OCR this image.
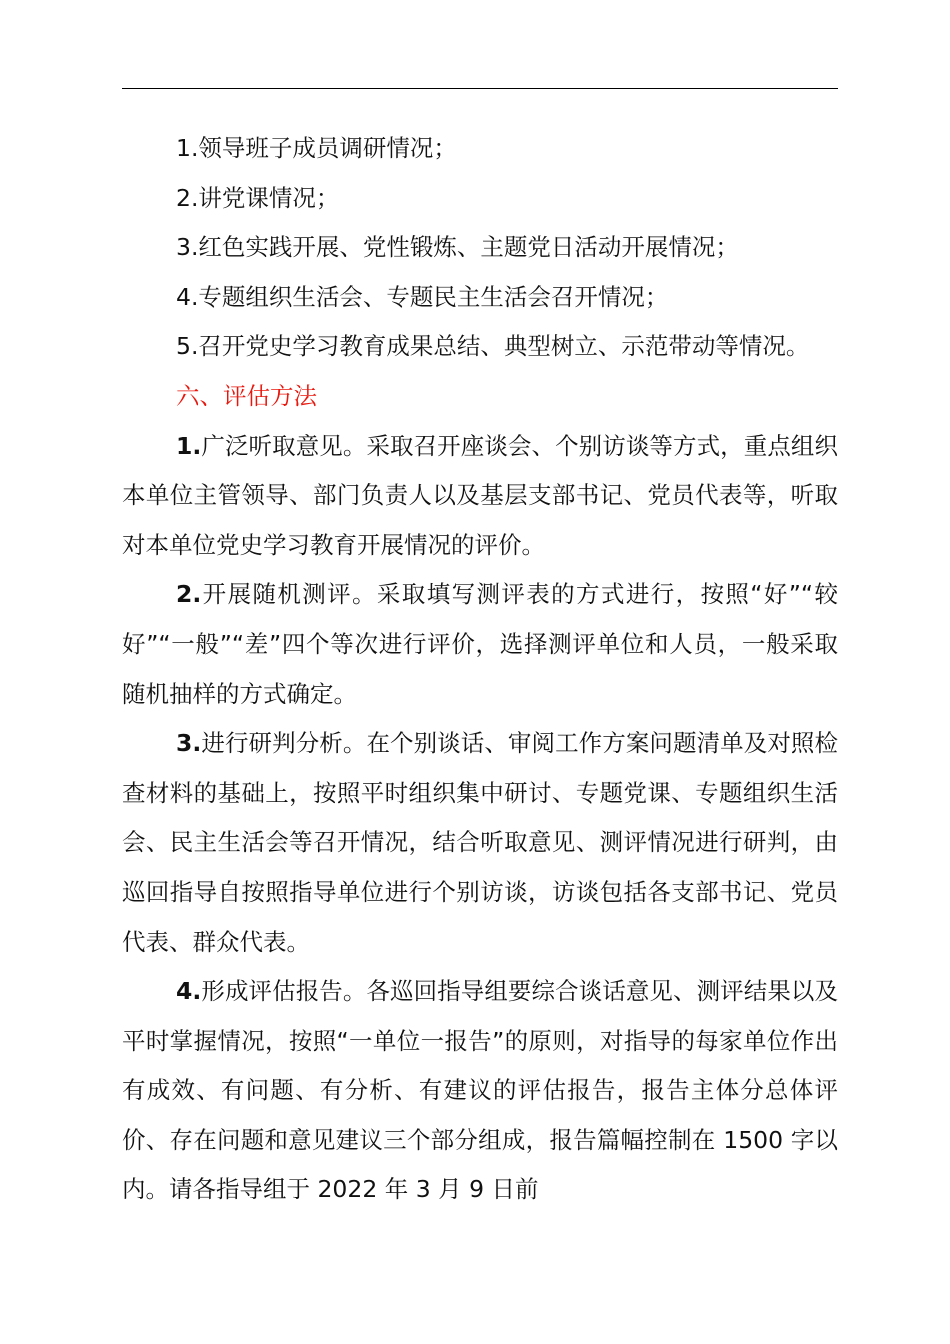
1.领导班子成员调研情况；

2.讲党课情况；

3.红色实践开展、党性锻炼、主题党日活动开展情况；

4.专题组织生活会、专题民主生活会召开情况；

5.召开党史学习教育成果总结、典型树立、示范带动等情况。

六、评估方法

1.广泛听取意见。采取召开座谈会、个别访谈等方式，重点组织本单位主管领导、部门负责人以及基层支部书记、党员代表等，听取对本单位党史学习教育开展情况的评价。

2.开展随机测评。采取填写测评表的方式进行，按照“好”“较好”“一般”“差”四个等次进行评价，选择测评单位和人员，一般采取随机抽样的方式确定。

3.进行研判分析。在个别谈话、审阅工作方案问题清单及对照检查材料的基础上，按照平时组织集中研讨、专题党课、专题组织生活会、民主生活会等召开情况，结合听取意见、测评情况进行研判，由巡回指导自按照指导单位进行个别访谈，访谈包括各支部书记、党员代表、群众代表。

4.形成评估报告。各巡回指导组要综合谈话意见、测评结果以及平时掌握情况，按照“一单位一报告”的原则，对指导的每家单位作出有成效、有问题、有分析、有建议的评估报告，报告主体分总体评价、存在问题和意见建议三个部分组成，报告篇幅控制在 1500 字以内。请各指导组于 2022 年 3 月 9 日前
